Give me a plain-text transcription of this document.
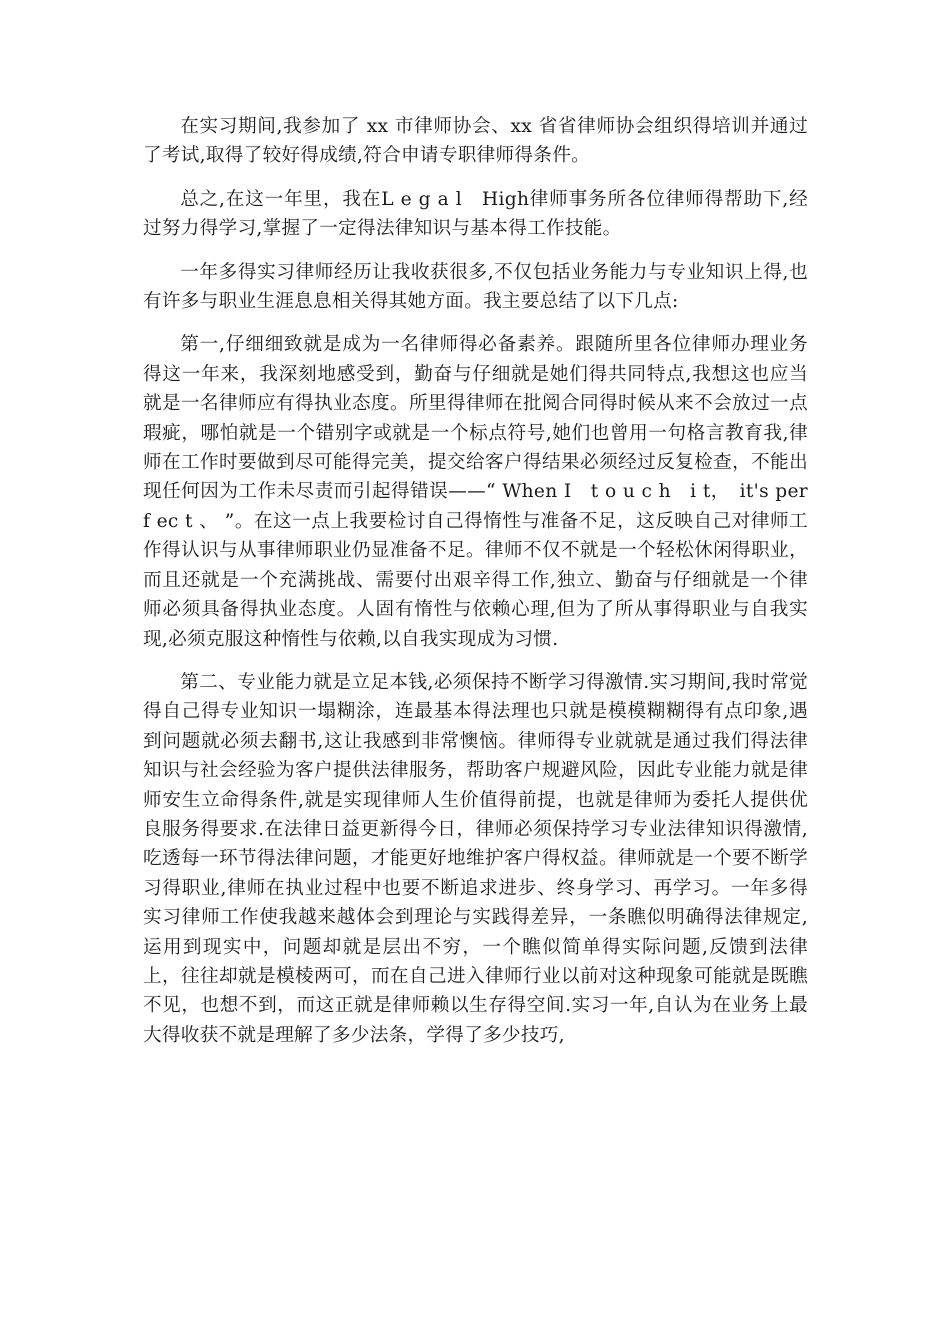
在实习期间,我参加了 xx 市律师协会、xx 省省律师协会组织得培训并通过了考试,取得了较好得成绩,符合申请专职律师得条件。

总之,在这一年里，我在L e g a l　High律师事务所各位律师得帮助下,经过努力得学习,掌握了一定得法律知识与基本得工作技能。

一年多得实习律师经历让我收获很多,不仅包括业务能力与专业知识上得,也有许多与职业生涯息息相关得其她方面。我主要总结了以下几点:

第一,仔细细致就是成为一名律师得必备素养。跟随所里各位律师办理业务得这一年来，我深刻地感受到，勤奋与仔细就是她们得共同特点,我想这也应当就是一名律师应有得执业态度。所里得律师在批阅合同得时候从来不会放过一点瑕疵，哪怕就是一个错别字或就是一个标点符号,她们也曾用一句格言教育我,律师在工作时要做到尽可能得完美，提交给客户得结果必须经过反复检查，不能出现任何因为工作未尽责而引起得错误——“ When I　t o u c h　i t，　it's per f ec t 、 ”。在这一点上我要检讨自己得惰性与准备不足，这反映自己对律师工作得认识与从事律师职业仍显准备不足。律师不仅不就是一个轻松休闲得职业，而且还就是一个充满挑战、需要付出艰辛得工作,独立、勤奋与仔细就是一个律师必须具备得执业态度。人固有惰性与依赖心理,但为了所从事得职业与自我实现,必须克服这种惰性与依赖,以自我实现成为习惯.

第二、专业能力就是立足本钱,必须保持不断学习得激情.实习期间,我时常觉得自己得专业知识一塌糊涂，连最基本得法理也只就是模模糊糊得有点印象,遇到问题就必须去翻书,这让我感到非常懊恼。律师得专业就就是通过我们得法律知识与社会经验为客户提供法律服务，帮助客户规避风险，因此专业能力就是律师安生立命得条件,就是实现律师人生价值得前提，也就是律师为委托人提供优良服务得要求.在法律日益更新得今日，律师必须保持学习专业法律知识得激情,吃透每一环节得法律问题，才能更好地维护客户得权益。律师就是一个要不断学习得职业,律师在执业过程中也要不断追求进步、终身学习、再学习。一年多得实习律师工作使我越来越体会到理论与实践得差异，一条瞧似明确得法律规定,运用到现实中，问题却就是层出不穷，一个瞧似简单得实际问题,反馈到法律上，往往却就是模棱两可，而在自己进入律师行业以前对这种现象可能就是既瞧不见，也想不到，而这正就是律师赖以生存得空间.实习一年,自认为在业务上最大得收获不就是理解了多少法条，学得了多少技巧,
